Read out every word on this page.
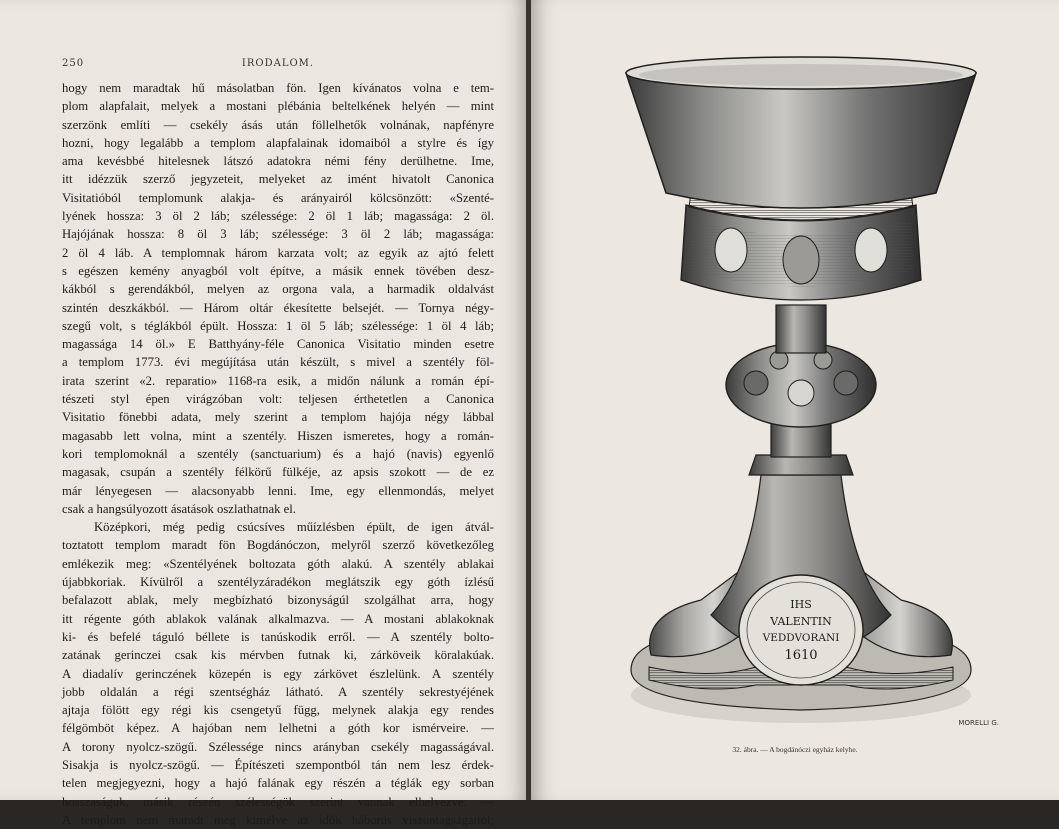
250	IRODALOM.
hogy nem maradtak hű másolatban fön. Igen kívánatos volna e tem-
plom alapfalait, melyek a mostani plébánia beltelkének helyén — mint
szerzönk említi — csekély ásás után föllelhetők volnának, napfényre
hozni, hogy legalább a templom alapfalainak idomaiból a stylre és így
ama kevésbbé hitelesnek látszó adatokra némi fény derülhetne. Ime,
itt idézzük szerző jegyzeteit, melyeket az imént hivatolt Canonica
Visitatióból templomunk alakja- és arányairól kölcsönzött: «Szenté-
lyének hossza: 3 öl 2 láb; szélessége: 2 öl 1 láb; magassága: 2 öl.
Hajójának hossza: 8 öl 3 láb; szélessége: 3 öl 2 láb; magassága:
2 öl 4 láb. A templomnak három karzata volt; az egyik az ajtó felett
s egészen kemény anyagból volt építve, a másik ennek tövében desz-
kákból s gerendákból, melyen az orgona vala, a harmadik oldalvást
szintén deszkákból. — Három oltár ékesítette belsejét. — Tornya négy-
szegű volt, s téglákból épült. Hossza: 1 öl 5 láb; szélessége: 1 öl 4 láb;
magassága 14 öl.» E Batthyány-féle Canonica Visitatio minden esetre
a templom 1773. évi megújítása után készült, s mivel a szentély föl-
irata szerint «2. reparatio» 1168-ra esik, a midőn nálunk a román épí-
tészeti styl épen virágzóban volt: teljesen érthetetlen a Canonica
Visitatio fönebbi adata, mely szerint a templom hajója négy lábbal
magasabb lett volna, mint a szentély. Hiszen ismeretes, hogy a román-
kori templomoknál a szentély (sanctuarium) és a hajó (navis) egyenlő
magasak, csupán a szentély félkörű fülkéje, az apsis szokott — de ez
már lényegesen — alacsonyabb lenni. Ime, egy ellenmondás, melyet
csak a hangsúlyozott ásatások oszlathatnak el.
Középkori, még pedig csúcsíves műízlésben épült, de igen átvál-
toztatott templom maradt fön Bogdánóczon, melyről szerző következőleg
emlékezik meg: «Szentélyének boltozata góth alakú. A szentély ablakai
újabbkoriak. Kívülről a szentélyzáradékon meglátszik egy góth ízlésű
befalazott ablak, mely megbízható bizonyságúl szolgálhat arra, hogy
itt régente góth ablakok valának alkalmazva. — A mostani ablakoknak
ki- és befelé táguló béllete is tanúskodik erről. — A szentély bolto-
zatának gerinczei csak kis mérvben futnak ki, zárköveik köralakúak.
A diadalív gerinczének közepén is egy zárkövet észlelünk. A szentély
jobb oldalán a régi szentségház látható. A szentély sekrestyéjének
ajtaja fölött egy régi kis csengetyű függ, melynek alakja egy rendes
félgömböt képez. A hajóban nem lelhetni a góth kor ismérveire. —
A torony nyolcz-szögű. Szélessége nincs arányban csekély magasságával.
Sisakja is nyolcz-szögű. — Építészeti szempontból tán nem lesz érdek-
telen megjegyezni, hogy a hajó falának egy részén a téglák egy sorban
hosszaságuk, másik részén szélességök szerint vannak elhelyezve. —
A templom nem maradt meg kímélve az idők háborús viszontagságaitól;
IHS
VALENTIN
VEDDVORANI
1610
MORELLI G.
32. ábra. — A bogdánóczi egyház kelyhe.
